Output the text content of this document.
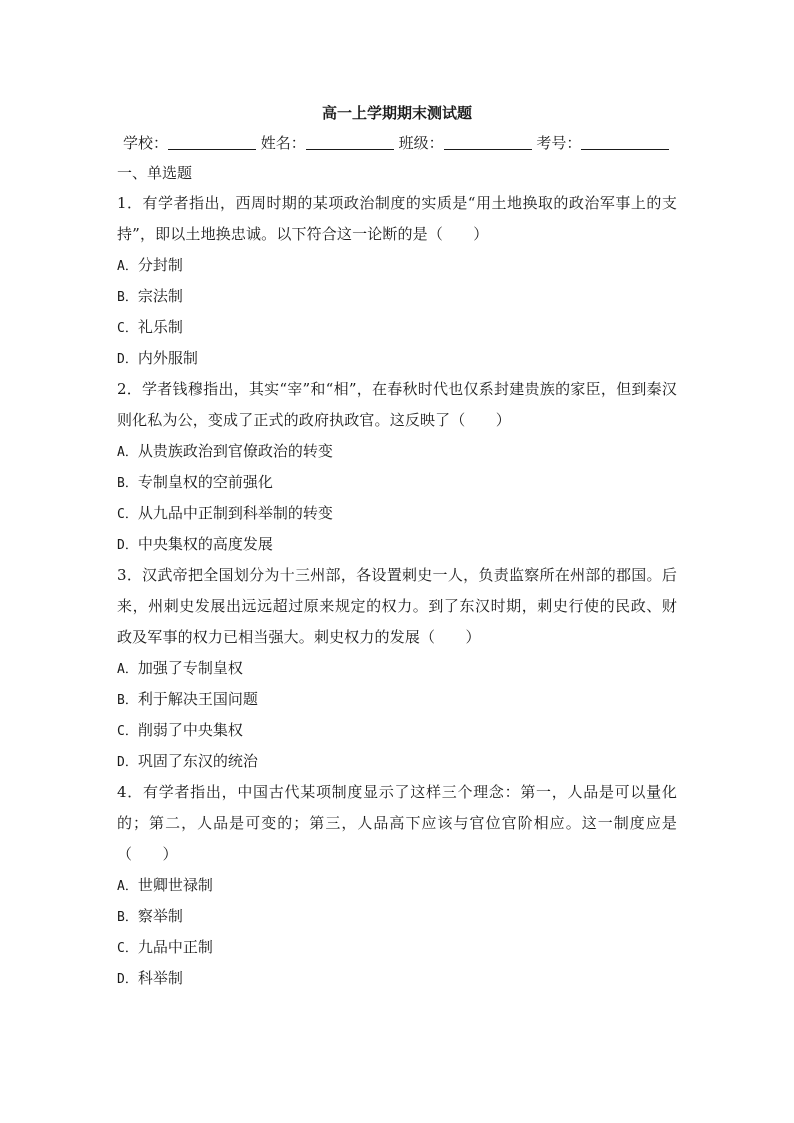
高一上学期期末测试题
学校：	姓名：	班级：	考号：
一、单选题
1．有学者指出，西周时期的某项政治制度的实质是“用土地换取的政治军事上的支持”，即以土地换忠诚。以下符合这一论断的是（　　）
A．分封制
B．宗法制
C．礼乐制
D．内外服制
2．学者钱穆指出，其实“宰”和“相”，在春秋时代也仅系封建贵族的家臣，但到秦汉则化私为公，变成了正式的政府执政官。这反映了（　　）
A．从贵族政治到官僚政治的转变
B．专制皇权的空前强化
C．从九品中正制到科举制的转变
D．中央集权的高度发展
3．汉武帝把全国划分为十三州部，各设置刺史一人，负责监察所在州部的郡国。后来，州刺史发展出远远超过原来规定的权力。到了东汉时期，刺史行使的民政、财政及军事的权力已相当强大。刺史权力的发展（　　）
A．加强了专制皇权
B．利于解决王国问题
C．削弱了中央集权
D．巩固了东汉的统治
4．有学者指出，中国古代某项制度显示了这样三个理念：第一，人品是可以量化的；第二，人品是可变的；第三，人品高下应该与官位官阶相应。这一制度应是（　　）
A．世卿世禄制
B．察举制
C．九品中正制
D．科举制
